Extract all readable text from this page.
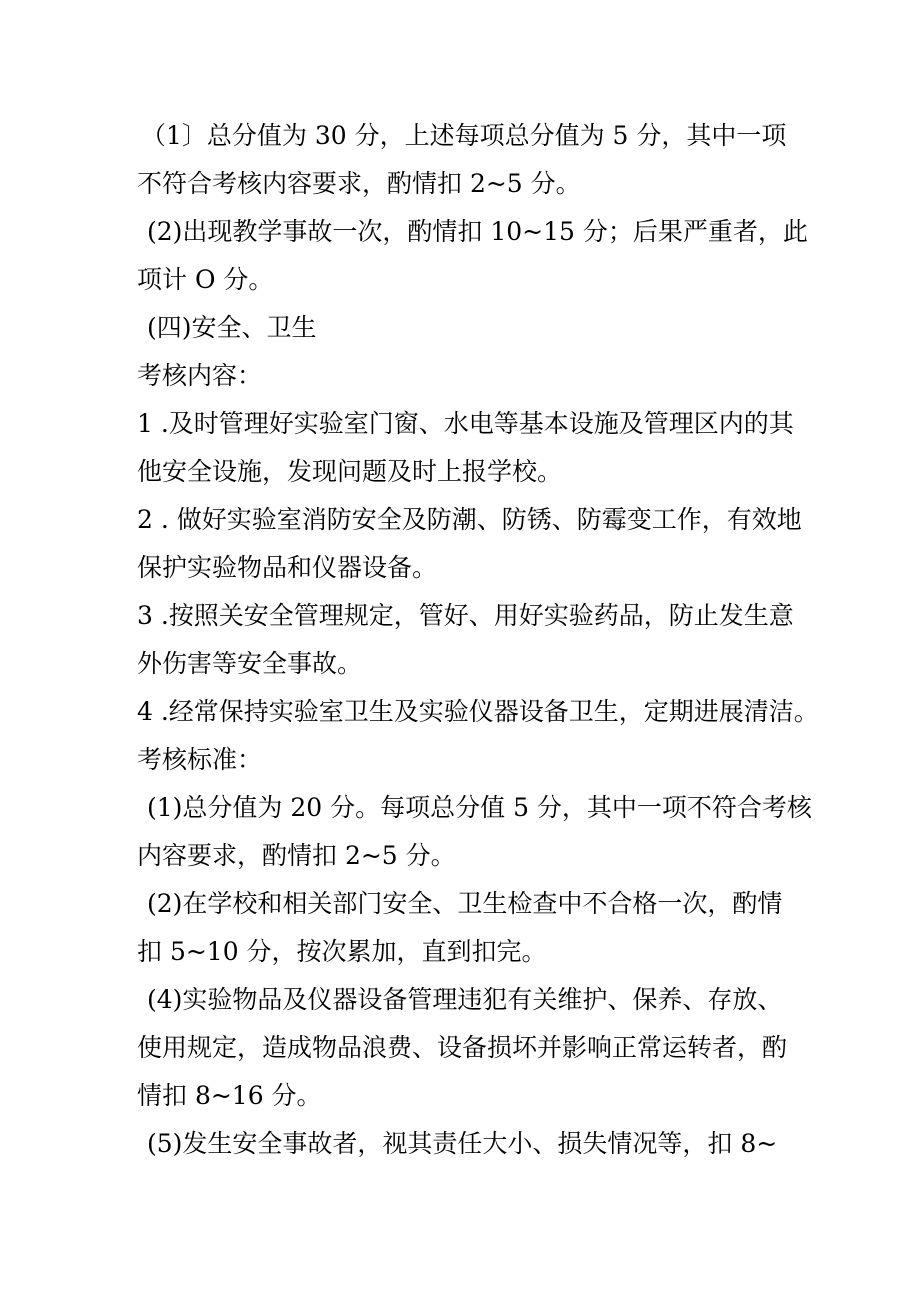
（1〕总分值为 30 分，上述每项总分值为 5 分，其中一项
不符合考核内容要求，酌情扣 2~5 分。
(2)出现教学事故一次，酌情扣 10~15 分；后果严重者，此
项计 O 分。
(四)安全、卫生
考核内容：
1 .及时管理好实验室门窗、水电等基本设施及管理区内的其
他安全设施，发现问题及时上报学校。
2 . 做好实验室消防安全及防潮、防锈、防霉变工作，有效地
保护实验物品和仪器设备。
3 .按照关安全管理规定，管好、用好实验药品，防止发生意
外伤害等安全事故。
4 .经常保持实验室卫生及实验仪器设备卫生，定期进展清洁。
考核标准：
(1)总分值为 20 分。每项总分值 5 分，其中一项不符合考核
内容要求，酌情扣 2~5 分。
(2)在学校和相关部门安全、卫生检查中不合格一次，酌情
扣 5~10 分，按次累加，直到扣完。
(4)实验物品及仪器设备管理违犯有关维护、保养、存放、
使用规定，造成物品浪费、设备损坏并影响正常运转者，酌
情扣 8~16 分。
(5)发生安全事故者，视其责任大小、损失情况等，扣 8~
